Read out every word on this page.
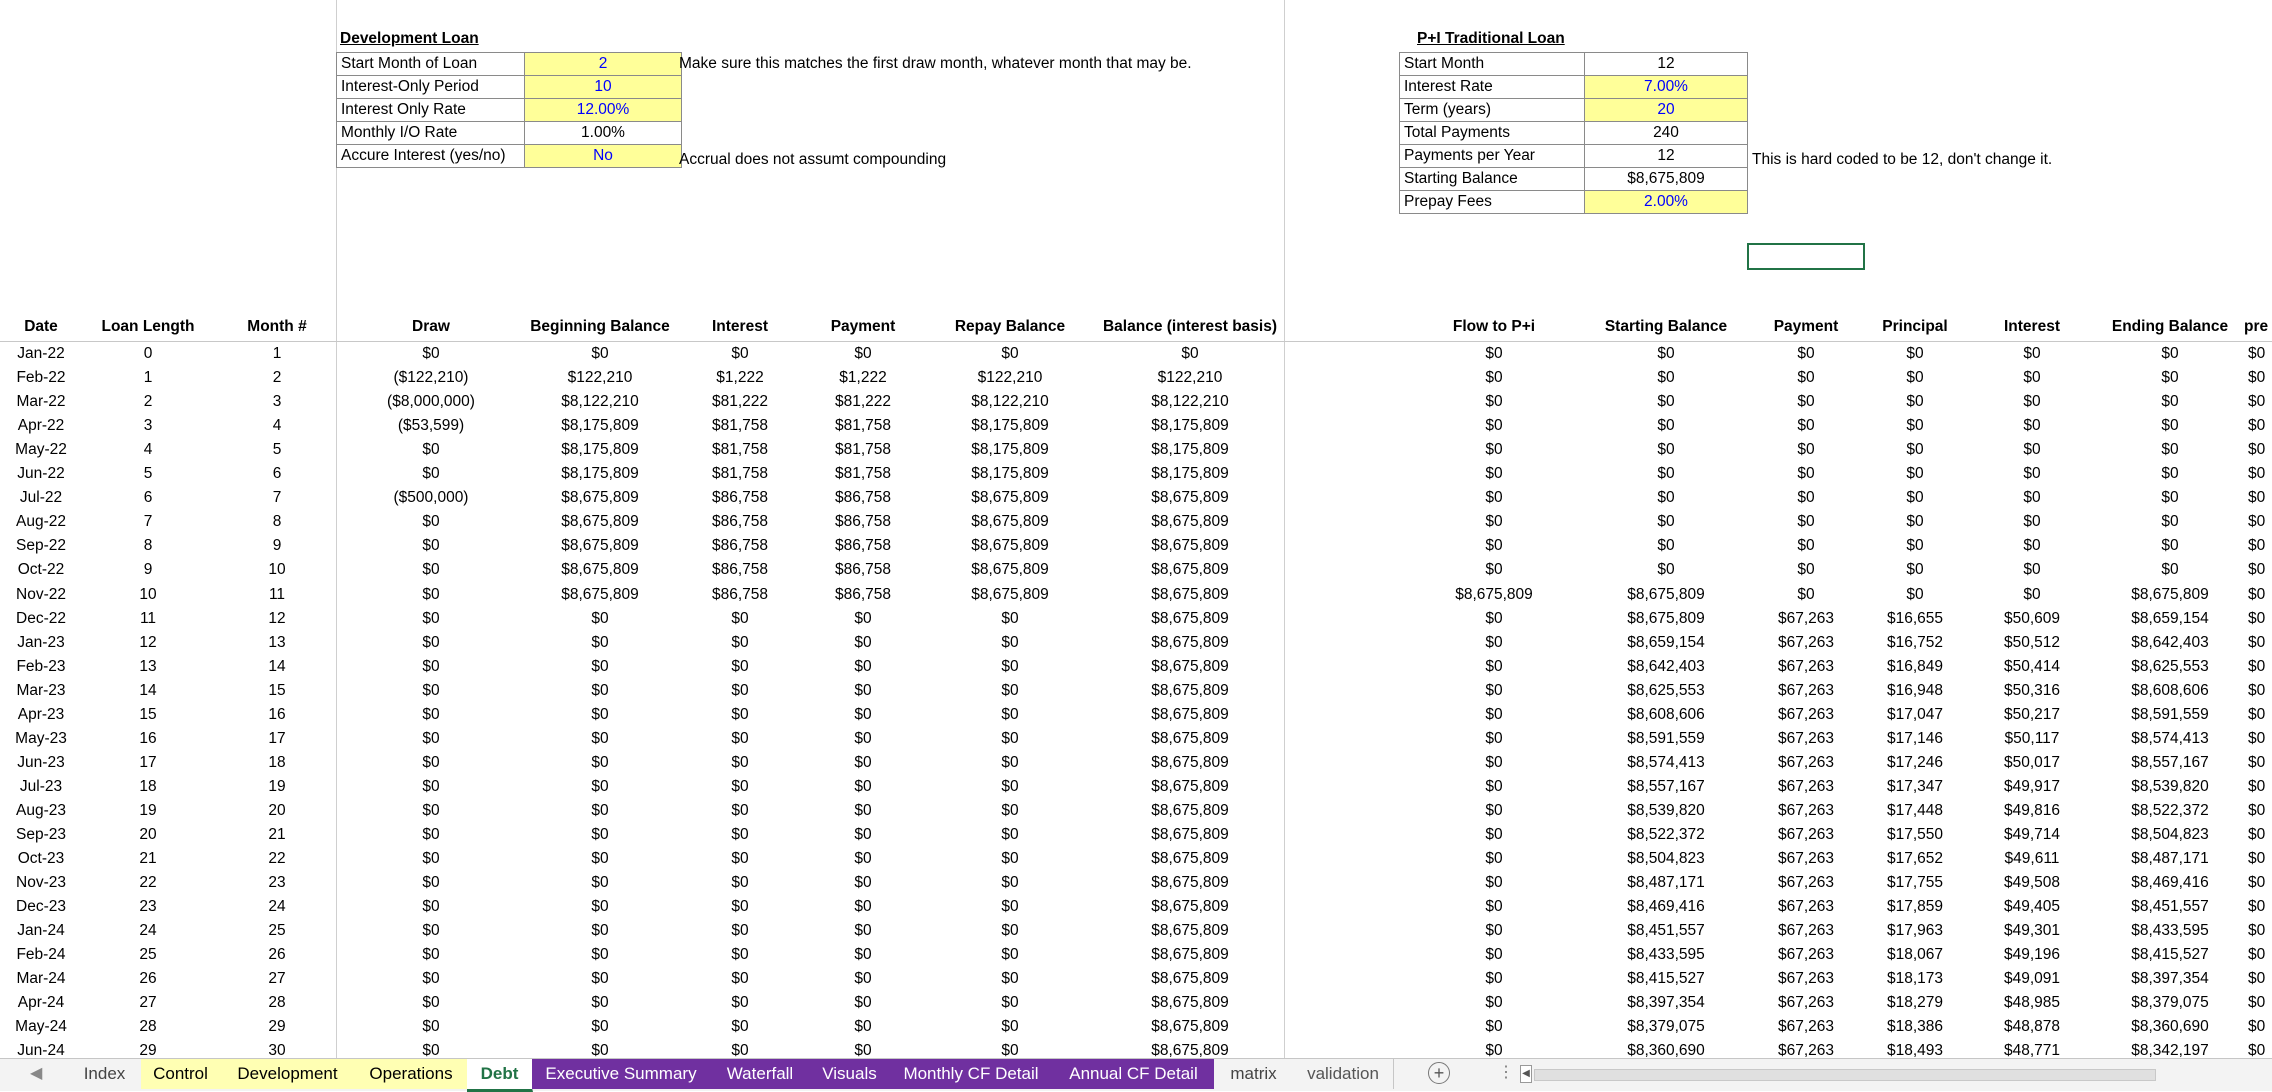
Development Loan
Start Month of Loan	2
Interest-Only Period	10
Interest Only Rate	12.00%
Monthly I/O Rate	1.00%
Accure Interest (yes/no)	No
Make sure this matches the first draw month, whatever month that may be.
Accrual does not assumt compounding
P+I Traditional Loan
Start Month	12
Interest Rate	7.00%
Term (years)	20
Total Payments	240
Payments per Year	12
Starting Balance	$8,675,809
Prepay Fees	2.00%
This is hard coded to be 12, don't change it.
Date	Loan Length	Month #	Draw	Beginning Balance	Interest	Payment	Repay Balance	Balance (interest basis)	Flow to P+i	Starting Balance	Payment	Principal	Interest	Ending Balance	pre
Jan-22	0	1	$0	$0	$0	$0	$0	$0	$0	$0	$0	$0	$0	$0	$0
Feb-22	1	2	($122,210)	$122,210	$1,222	$1,222	$122,210	$122,210	$0	$0	$0	$0	$0	$0	$0
Mar-22	2	3	($8,000,000)	$8,122,210	$81,222	$81,222	$8,122,210	$8,122,210	$0	$0	$0	$0	$0	$0	$0
Apr-22	3	4	($53,599)	$8,175,809	$81,758	$81,758	$8,175,809	$8,175,809	$0	$0	$0	$0	$0	$0	$0
May-22	4	5	$0	$8,175,809	$81,758	$81,758	$8,175,809	$8,175,809	$0	$0	$0	$0	$0	$0	$0
Jun-22	5	6	$0	$8,175,809	$81,758	$81,758	$8,175,809	$8,175,809	$0	$0	$0	$0	$0	$0	$0
Jul-22	6	7	($500,000)	$8,675,809	$86,758	$86,758	$8,675,809	$8,675,809	$0	$0	$0	$0	$0	$0	$0
Aug-22	7	8	$0	$8,675,809	$86,758	$86,758	$8,675,809	$8,675,809	$0	$0	$0	$0	$0	$0	$0
Sep-22	8	9	$0	$8,675,809	$86,758	$86,758	$8,675,809	$8,675,809	$0	$0	$0	$0	$0	$0	$0
Oct-22	9	10	$0	$8,675,809	$86,758	$86,758	$8,675,809	$8,675,809	$0	$0	$0	$0	$0	$0	$0
Nov-22	10	11	$0	$8,675,809	$86,758	$86,758	$8,675,809	$8,675,809	$8,675,809	$8,675,809	$0	$0	$0	$8,675,809	$0
Dec-22	11	12	$0	$0	$0	$0	$0	$8,675,809	$0	$8,675,809	$67,263	$16,655	$50,609	$8,659,154	$0
Jan-23	12	13	$0	$0	$0	$0	$0	$8,675,809	$0	$8,659,154	$67,263	$16,752	$50,512	$8,642,403	$0
Feb-23	13	14	$0	$0	$0	$0	$0	$8,675,809	$0	$8,642,403	$67,263	$16,849	$50,414	$8,625,553	$0
Mar-23	14	15	$0	$0	$0	$0	$0	$8,675,809	$0	$8,625,553	$67,263	$16,948	$50,316	$8,608,606	$0
Apr-23	15	16	$0	$0	$0	$0	$0	$8,675,809	$0	$8,608,606	$67,263	$17,047	$50,217	$8,591,559	$0
May-23	16	17	$0	$0	$0	$0	$0	$8,675,809	$0	$8,591,559	$67,263	$17,146	$50,117	$8,574,413	$0
Jun-23	17	18	$0	$0	$0	$0	$0	$8,675,809	$0	$8,574,413	$67,263	$17,246	$50,017	$8,557,167	$0
Jul-23	18	19	$0	$0	$0	$0	$0	$8,675,809	$0	$8,557,167	$67,263	$17,347	$49,917	$8,539,820	$0
Aug-23	19	20	$0	$0	$0	$0	$0	$8,675,809	$0	$8,539,820	$67,263	$17,448	$49,816	$8,522,372	$0
Sep-23	20	21	$0	$0	$0	$0	$0	$8,675,809	$0	$8,522,372	$67,263	$17,550	$49,714	$8,504,823	$0
Oct-23	21	22	$0	$0	$0	$0	$0	$8,675,809	$0	$8,504,823	$67,263	$17,652	$49,611	$8,487,171	$0
Nov-23	22	23	$0	$0	$0	$0	$0	$8,675,809	$0	$8,487,171	$67,263	$17,755	$49,508	$8,469,416	$0
Dec-23	23	24	$0	$0	$0	$0	$0	$8,675,809	$0	$8,469,416	$67,263	$17,859	$49,405	$8,451,557	$0
Jan-24	24	25	$0	$0	$0	$0	$0	$8,675,809	$0	$8,451,557	$67,263	$17,963	$49,301	$8,433,595	$0
Feb-24	25	26	$0	$0	$0	$0	$0	$8,675,809	$0	$8,433,595	$67,263	$18,067	$49,196	$8,415,527	$0
Mar-24	26	27	$0	$0	$0	$0	$0	$8,675,809	$0	$8,415,527	$67,263	$18,173	$49,091	$8,397,354	$0
Apr-24	27	28	$0	$0	$0	$0	$0	$8,675,809	$0	$8,397,354	$67,263	$18,279	$48,985	$8,379,075	$0
May-24	28	29	$0	$0	$0	$0	$0	$8,675,809	$0	$8,379,075	$67,263	$18,386	$48,878	$8,360,690	$0
Jun-24	29	30	$0	$0	$0	$0	$0	$8,675,809	$0	$8,360,690	$67,263	$18,493	$48,771	$8,342,197	$0
◀	Index	Control	Development	Operations	Debt	Executive Summary	Waterfall	Visuals	Monthly CF Detail	Annual CF Detail	matrix	validation	+	⋮ ◀
